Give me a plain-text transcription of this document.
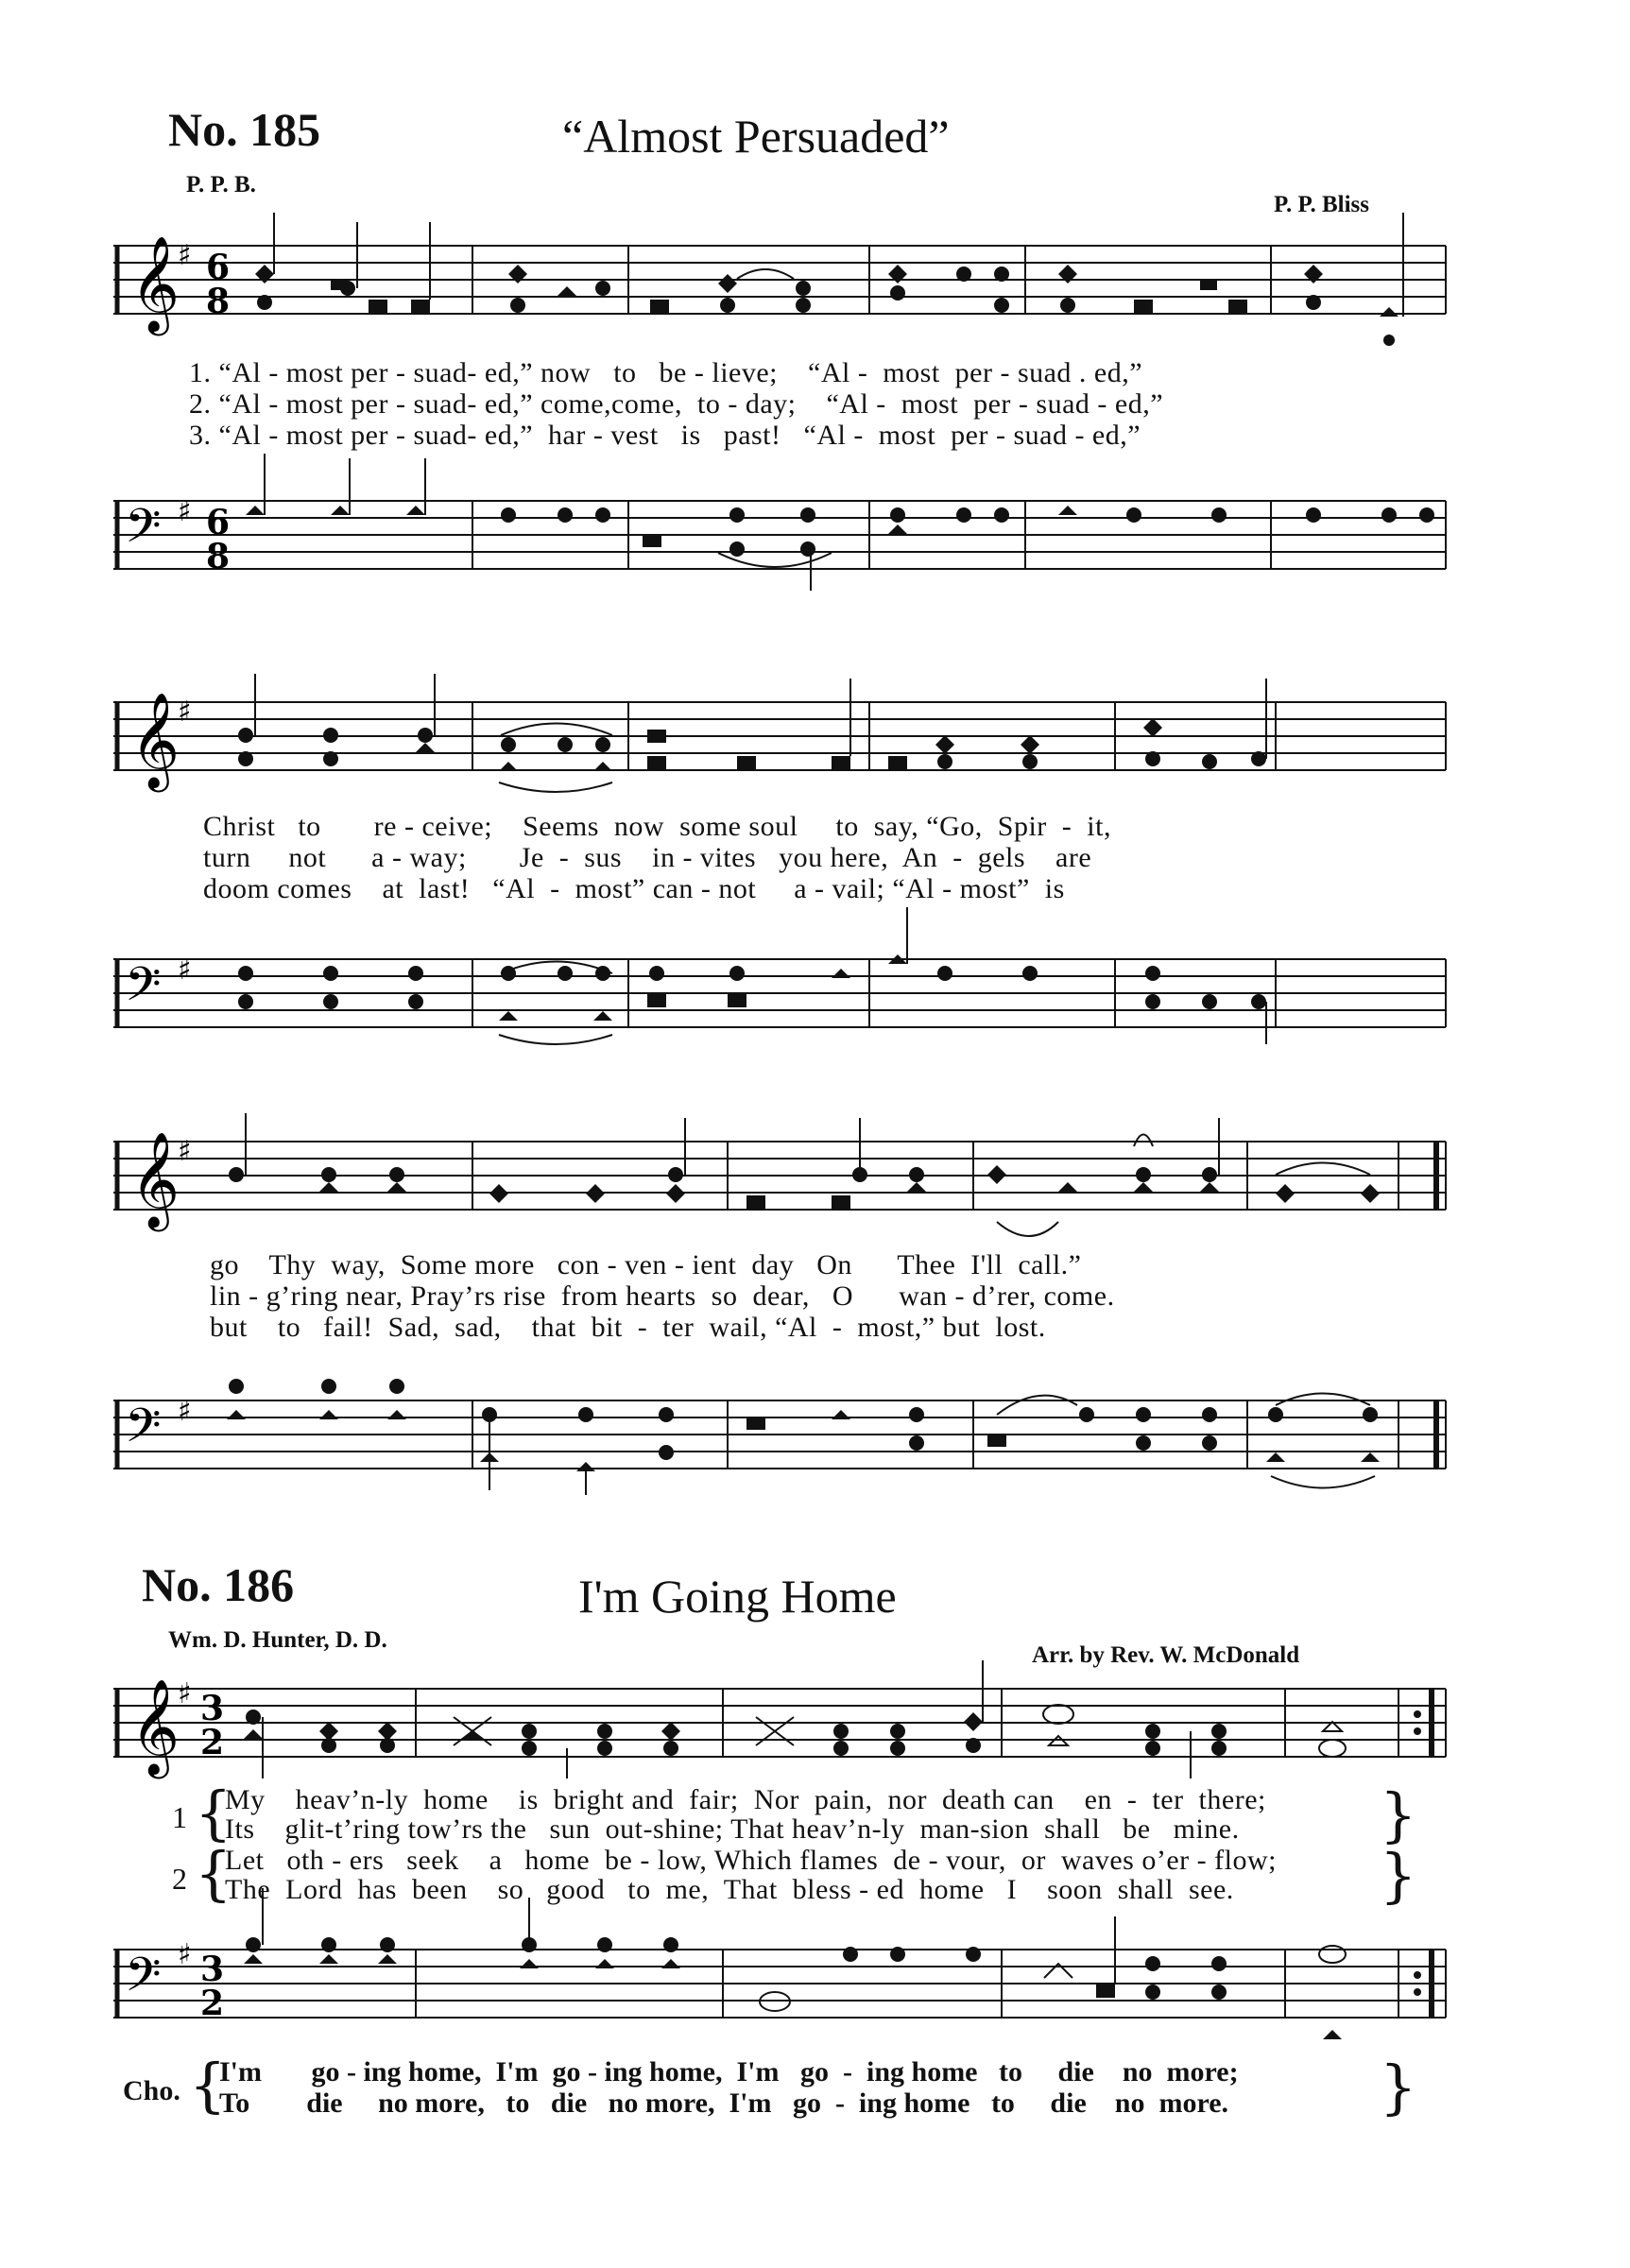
No. 185	“Almost Persuaded”
P. P. B.
P. P. Bliss
𝄞
♯ 6
8
𝄢 ♯ 6
8
1. “Al - most per - suad- ed,” now   to   be - lieve;    “Al -  most  per - suad . ed,”
2. “Al - most per - suad- ed,” come,come,  to - day;    “Al -  most  per - suad - ed,”
3. “Al - most per - suad- ed,”  har - vest   is   past!   “Al -  most  per - suad - ed,”
𝄞
♯
𝄢 ♯
Christ   to       re - ceive;    Seems  now  some soul     to  say, “Go,  Spir  -  it,
turn     not      a - way;       Je  -  sus    in - vites   you here,  An  -  gels    are
doom comes    at  last!   “Al  -  most” can - not     a - vail; “Al - most”  is
𝄞
♯
𝄢 ♯
go    Thy  way,  Some more   con - ven - ient  day   On      Thee  I'll  call.”
lin - g’ring near, Pray’rs rise  from hearts  so  dear,   O      wan - d’rer, come.
but    to   fail!  Sad,  sad,    that  bit  -  ter  wail, “Al  -  most,” but  lost.
No. 186	I'm Going Home
Wm. D. Hunter, D. D.
Arr. by Rev. W. McDonald
𝄞
♯ 3
2
𝄢 ♯ 3
2
1 {
My    heav’n-ly  home    is  bright and  fair;  Nor  pain,  nor  death can    en  -  ter  there;
Its    glit-t’ring tow’rs the   sun  out-shine; That heav’n-ly  man-sion  shall   be   mine. }
2 {
Let   oth - ers   seek    a   home  be - low, Which flames  de - vour,  or  waves o’er - flow;
The  Lord  has  been    so   good   to  me,  That  bless - ed  home   I    soon  shall  see. }
Cho. {
I'm       go - ing home,  I'm  go - ing home,  I'm   go  -  ing home   to     die    no  more;
To        die     no more,   to   die   no more,  I'm   go  -  ing home   to     die    no  more.	}
